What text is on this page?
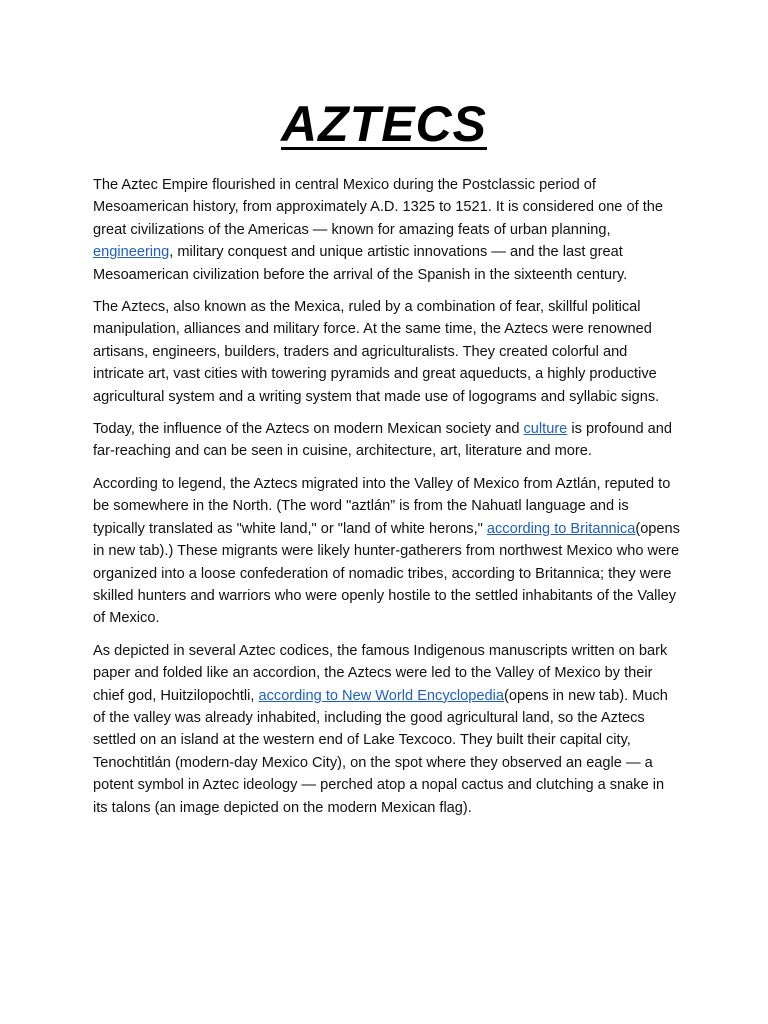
AZTECS

The Aztec Empire flourished in central Mexico during the Postclassic period of Mesoamerican history, from approximately A.D. 1325 to 1521. It is considered one of the great civilizations of the Americas — known for amazing feats of urban planning, engineering, military conquest and unique artistic innovations — and the last great Mesoamerican civilization before the arrival of the Spanish in the sixteenth century.

The Aztecs, also known as the Mexica, ruled by a combination of fear, skillful political manipulation, alliances and military force. At the same time, the Aztecs were renowned artisans, engineers, builders, traders and agriculturalists. They created colorful and intricate art, vast cities with towering pyramids and great aqueducts, a highly productive agricultural system and a writing system that made use of logograms and syllabic signs.

Today, the influence of the Aztecs on modern Mexican society and culture is profound and far-reaching and can be seen in cuisine, architecture, art, literature and more.

According to legend, the Aztecs migrated into the Valley of Mexico from Aztlán, reputed to be somewhere in the North. (The word "aztlán” is from the Nahuatl language and is typically translated as "white land," or "land of white herons," according to Britannica(opens in new tab).) These migrants were likely hunter-gatherers from northwest Mexico who were organized into a loose confederation of nomadic tribes, according to Britannica; they were skilled hunters and warriors who were openly hostile to the settled inhabitants of the Valley of Mexico.

As depicted in several Aztec codices, the famous Indigenous manuscripts written on bark paper and folded like an accordion, the Aztecs were led to the Valley of Mexico by their chief god, Huitzilopochtli, according to New World Encyclopedia(opens in new tab). Much of the valley was already inhabited, including the good agricultural land, so the Aztecs settled on an island at the western end of Lake Texcoco. They built their capital city, Tenochtitlán (modern-day Mexico City), on the spot where they observed an eagle — a potent symbol in Aztec ideology — perched atop a nopal cactus and clutching a snake in its talons (an image depicted on the modern Mexican flag).
